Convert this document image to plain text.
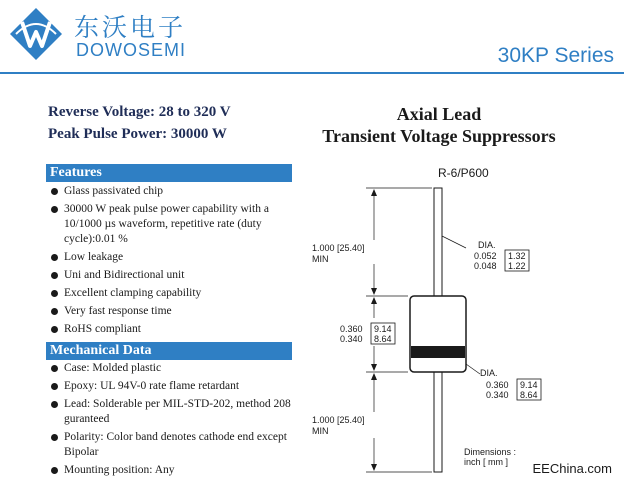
东沃电子
DOWOSEMI	30KP Series
Reverse Voltage: 28 to 320 V
Peak Pulse Power: 30000 W
Axial Lead
Transient Voltage Suppressors
Features
Glass passivated chip
30000 W peak pulse power capability with a 10/1000 µs waveform, repetitive rate (duty cycle):0.01 %
Low leakage
Uni and Bidirectional unit
Excellent clamping capability
Very fast response time
RoHS compliant
Mechanical Data
Case: Molded plastic
Epoxy: UL 94V-0 rate flame retardant
Lead: Solderable per MIL-STD-202, method 208 guranteed
Polarity: Color band denotes cathode end except Bipolar
Mounting position: Any
R-6/P600
1.000 [25.40]
MIN
DIA.
0.052
0.048
1.32
1.22
0.360
0.340
9.14
8.64
DIA.
0.360
0.340
9.14
8.64
1.000 [25.40]
MIN
Dimensions :
inch [ mm ] EEChina.com
